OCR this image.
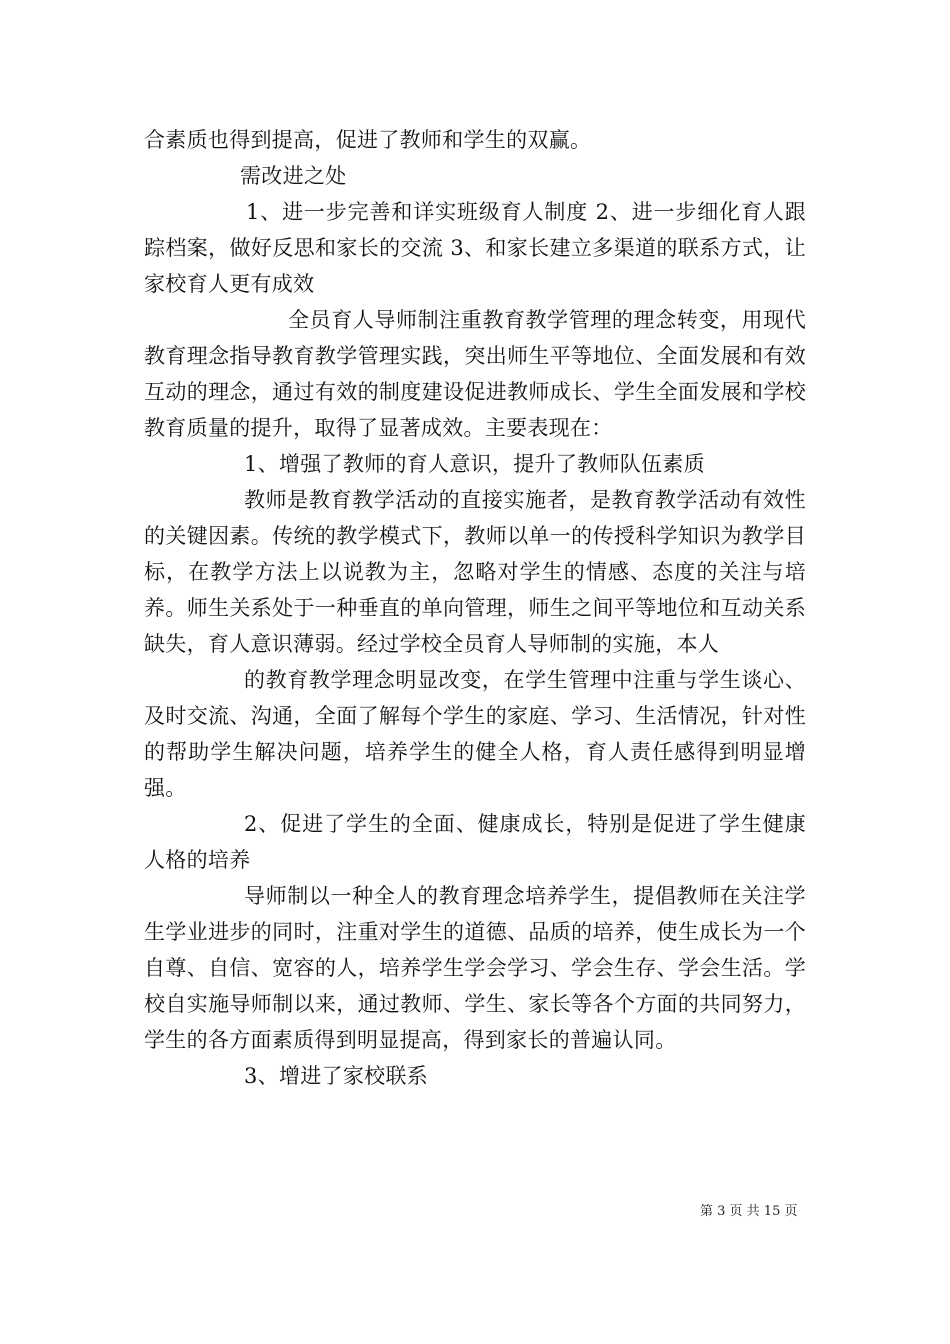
合素质也得到提高，促进了教师和学生的双赢。

需改进之处

1、进一步完善和详实班级育人制度 2、进一步细化育人跟踪档案，做好反思和家长的交流 3、和家长建立多渠道的联系方式，让家校育人更有成效

全员育人导师制注重教育教学管理的理念转变，用现代教育理念指导教育教学管理实践，突出师生平等地位、全面发展和有效互动的理念，通过有效的制度建设促进教师成长、学生全面发展和学校教育质量的提升，取得了显著成效。主要表现在：

1、增强了教师的育人意识，提升了教师队伍素质

教师是教育教学活动的直接实施者，是教育教学活动有效性的关键因素。传统的教学模式下，教师以单一的传授科学知识为教学目标，在教学方法上以说教为主，忽略对学生的情感、态度的关注与培养。师生关系处于一种垂直的单向管理，师生之间平等地位和互动关系缺失，育人意识薄弱。经过学校全员育人导师制的实施，本人

的教育教学理念明显改变，在学生管理中注重与学生谈心、及时交流、沟通，全面了解每个学生的家庭、学习、生活情况，针对性的帮助学生解决问题，培养学生的健全人格，育人责任感得到明显增强。

2、促进了学生的全面、健康成长，特别是促进了学生健康人格的培养

导师制以一种全人的教育理念培养学生，提倡教师在关注学生学业进步的同时，注重对学生的道德、品质的培养，使生成长为一个自尊、自信、宽容的人，培养学生学会学习、学会生存、学会生活。学校自实施导师制以来，通过教师、学生、家长等各个方面的共同努力，学生的各方面素质得到明显提高，得到家长的普遍认同。

3、增进了家校联系

第 3 页 共 15 页
